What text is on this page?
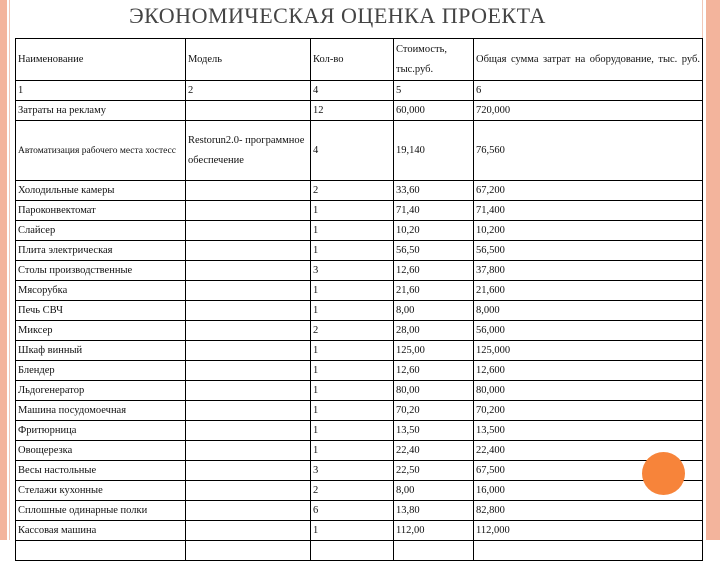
ЭКОНОМИЧЕСКАЯ ОЦЕНКА ПРОЕКТА
Наименование	Модель	Кол-во	Стоимость, тыс.руб.	Общая сумма затрат на оборудование, тыс. руб.
1	2	4	5	6
Затраты на рекламу		12	60,000	720,000
Автоматизация рабочего места хостесс	Restorun2.0- программное обеспечение	4	19,140	76,560
Холодильные камеры		2	33,60	67,200
Пароконвектомат		1	71,40	71,400
Слайсер		1	10,20	10,200
Плита электрическая		1	56,50	56,500
Столы производственные		3	12,60	37,800
Мясорубка		1	21,60	21,600
Печь СВЧ		1	8,00	8,000
Миксер		2	28,00	56,000
Шкаф винный		1	125,00	125,000
Блендер		1	12,60	12,600
Льдогенератор		1	80,00	80,000
Машина посудомоечная		1	70,20	70,200
Фритюрница		1	13,50	13,500
Овощерезка		1	22,40	22,400
Весы настольные		3	22,50	67,500
Стелажи кухонные		2	8,00	16,000
Сплошные одинарные полки		6	13,80	82,800
Кассовая машина		1	112,00	112,000
